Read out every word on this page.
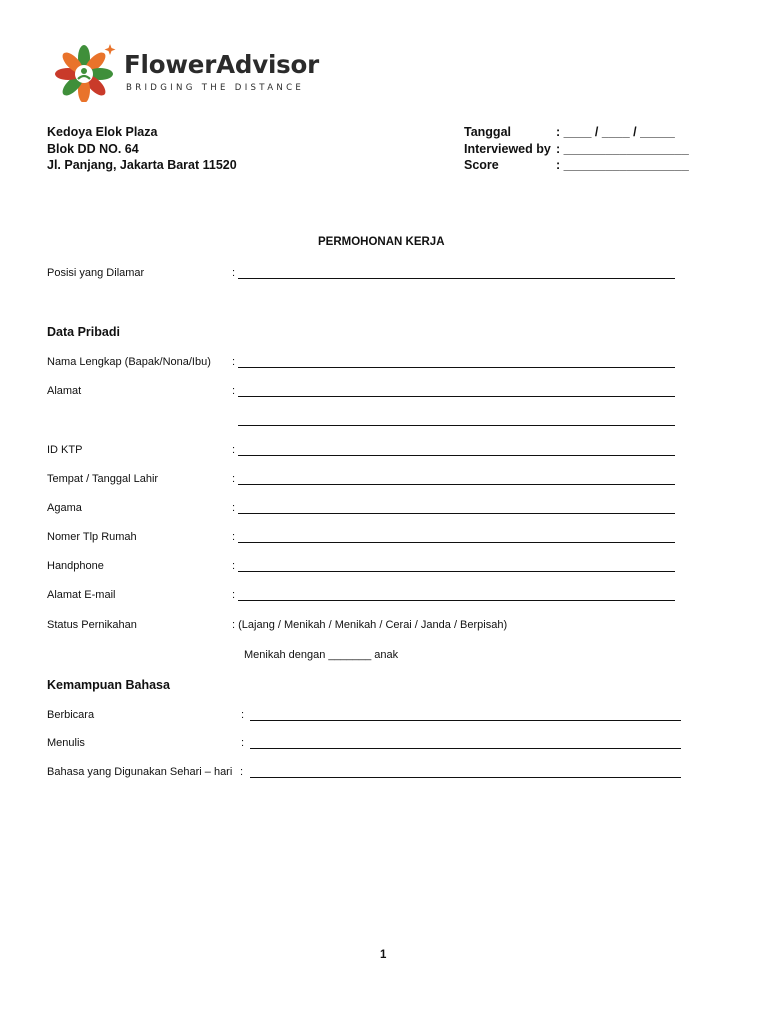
FlowerAdvisor
BRIDGING THE DISTANCE
Kedoya Elok Plaza
Blok DD NO. 64
Jl. Panjang, Jakarta Barat 11520
Tanggal	: ____ / ____ / _____
Interviewed by : __________________
Score	: __________________
PERMOHONAN KERJA
Posisi yang Dilamar	:
Data Pribadi
Nama Lengkap (Bapak/Nona/Ibu) :
Alamat	:
ID KTP	:
Tempat / Tanggal Lahir	:
Agama	:
Nomer Tlp Rumah	:
Handphone	:
Alamat E-mail	:
Status Pernikahan	: (Lajang / Menikah / Menikah / Cerai / Janda / Berpisah)
Menikah dengan _______ anak
Kemampuan Bahasa
Berbicara	:
Menulis	:
Bahasa yang Digunakan Sehari – hari :
1
